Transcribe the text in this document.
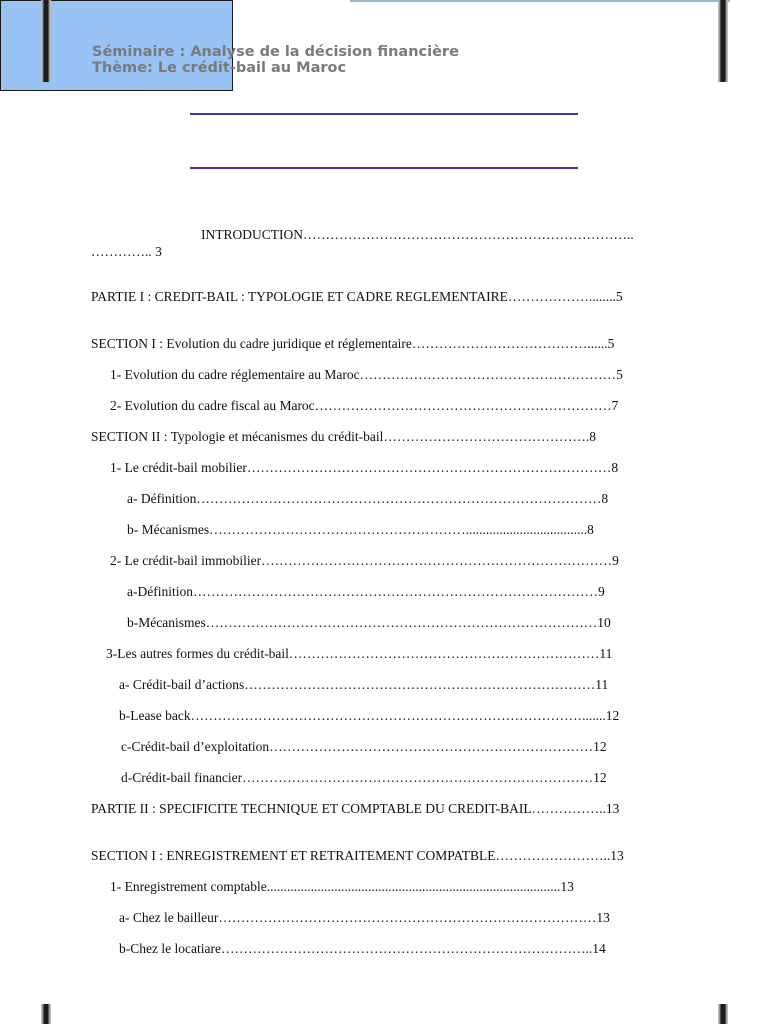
Séminaire : Analyse de la décision financière
Thème: Le crédit-bail au Maroc
INTRODUCTION………………………………………………………………..
………….. 3
PARTIE I : CREDIT-BAIL : TYPOLOGIE ET CADRE REGLEMENTAIRE………………........5
SECTION I : Evolution du cadre juridique et réglementaire…………………………………......5
1- Evolution du cadre réglementaire au Maroc…………………………………………………5
2- Evolution du cadre fiscal au Maroc…………………………………………………………7
SECTION II : Typologie et mécanismes du crédit-bail……………………………………….8
1- Le crédit-bail mobilier………………………………………………………………………8
a- Définition………………………………………………………………………………8
b- Mécanismes…………………………………………………....................................8
2- Le crédit-bail immobilier……………………………………………………………………9
a-Définition………………………………………………………………………………9
b-Mécanismes……………………………………………………………………………10
3-Les autres formes du crédit-bail……………………………………………………………11
a- Crédit-bail d’actions……………………………………………………………………11
b-Lease back…………………………………………………………………………….......12
c-Crédit-bail d’exploitation………………………………………………………………12
d-Crédit-bail financier……………………………………………………………………12
PARTIE II : SPECIFICITE TECHNIQUE ET COMPTABLE DU CREDIT-BAIL……………..13
SECTION I : ENREGISTREMENT ET RETRAITEMENT COMPATBLE……………………..13
1- Enregistrement comptable.......................................................................................13
a- Chez le bailleur…………………………………………………………………………13
b-Chez le locatiare………………………………………………………………………..14
